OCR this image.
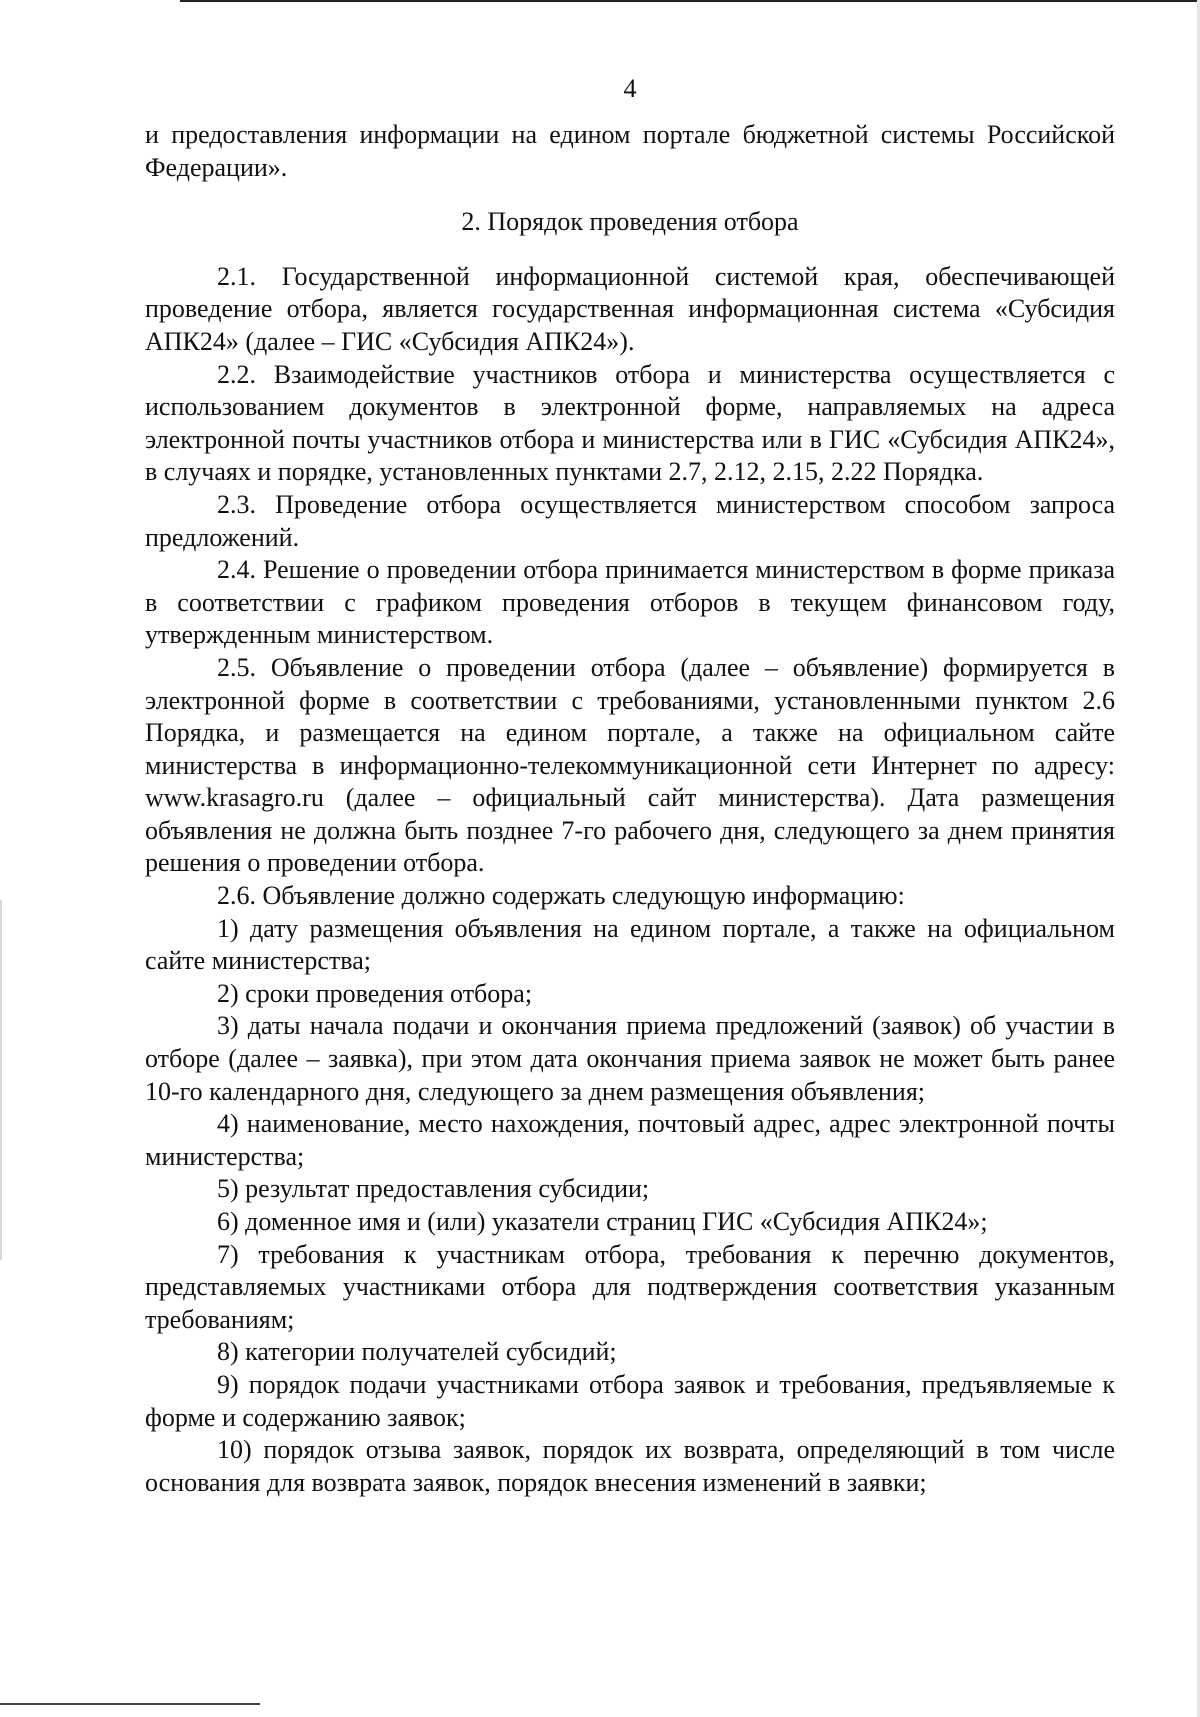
4

и предоставления информации на едином портале бюджетной системы Российской Федерации».

2. Порядок проведения отбора

2.1. Государственной информационной системой края, обеспечивающей проведение отбора, является государственная информационная система «Субсидия АПК24» (далее – ГИС «Субсидия АПК24»).

2.2. Взаимодействие участников отбора и министерства осуществляется с использованием документов в электронной форме, направляемых на адреса электронной почты участников отбора и министерства или в ГИС «Субсидия АПК24», в случаях и порядке, установленных пунктами 2.7, 2.12, 2.15, 2.22 Порядка.

2.3. Проведение отбора осуществляется министерством способом запроса предложений.

2.4. Решение о проведении отбора принимается министерством в форме приказа в соответствии с графиком проведения отборов в текущем финансовом году, утвержденным министерством.

2.5. Объявление о проведении отбора (далее – объявление) формируется в электронной форме в соответствии с требованиями, установленными пунктом 2.6 Порядка, и размещается на едином портале, а также на официальном сайте министерства в информационно-телекоммуникационной сети Интернет по адресу: www.krasagro.ru (далее – официальный сайт министерства). Дата размещения объявления не должна быть позднее 7-го рабочего дня, следующего за днем принятия решения о проведении отбора.

2.6. Объявление должно содержать следующую информацию:

1) дату размещения объявления на едином портале, а также на официальном сайте министерства;

2) сроки проведения отбора;

3) даты начала подачи и окончания приема предложений (заявок) об участии в отборе (далее – заявка), при этом дата окончания приема заявок не может быть ранее 10-го календарного дня, следующего за днем размещения объявления;

4) наименование, место нахождения, почтовый адрес, адрес электронной почты министерства;

5) результат предоставления субсидии;

6) доменное имя и (или) указатели страниц ГИС «Субсидия АПК24»;

7) требования к участникам отбора, требования к перечню документов, представляемых участниками отбора для подтверждения соответствия указанным требованиям;

8) категории получателей субсидий;

9) порядок подачи участниками отбора заявок и требования, предъявляемые к форме и содержанию заявок;

10) порядок отзыва заявок, порядок их возврата, определяющий в том числе основания для возврата заявок, порядок внесения изменений в заявки;
